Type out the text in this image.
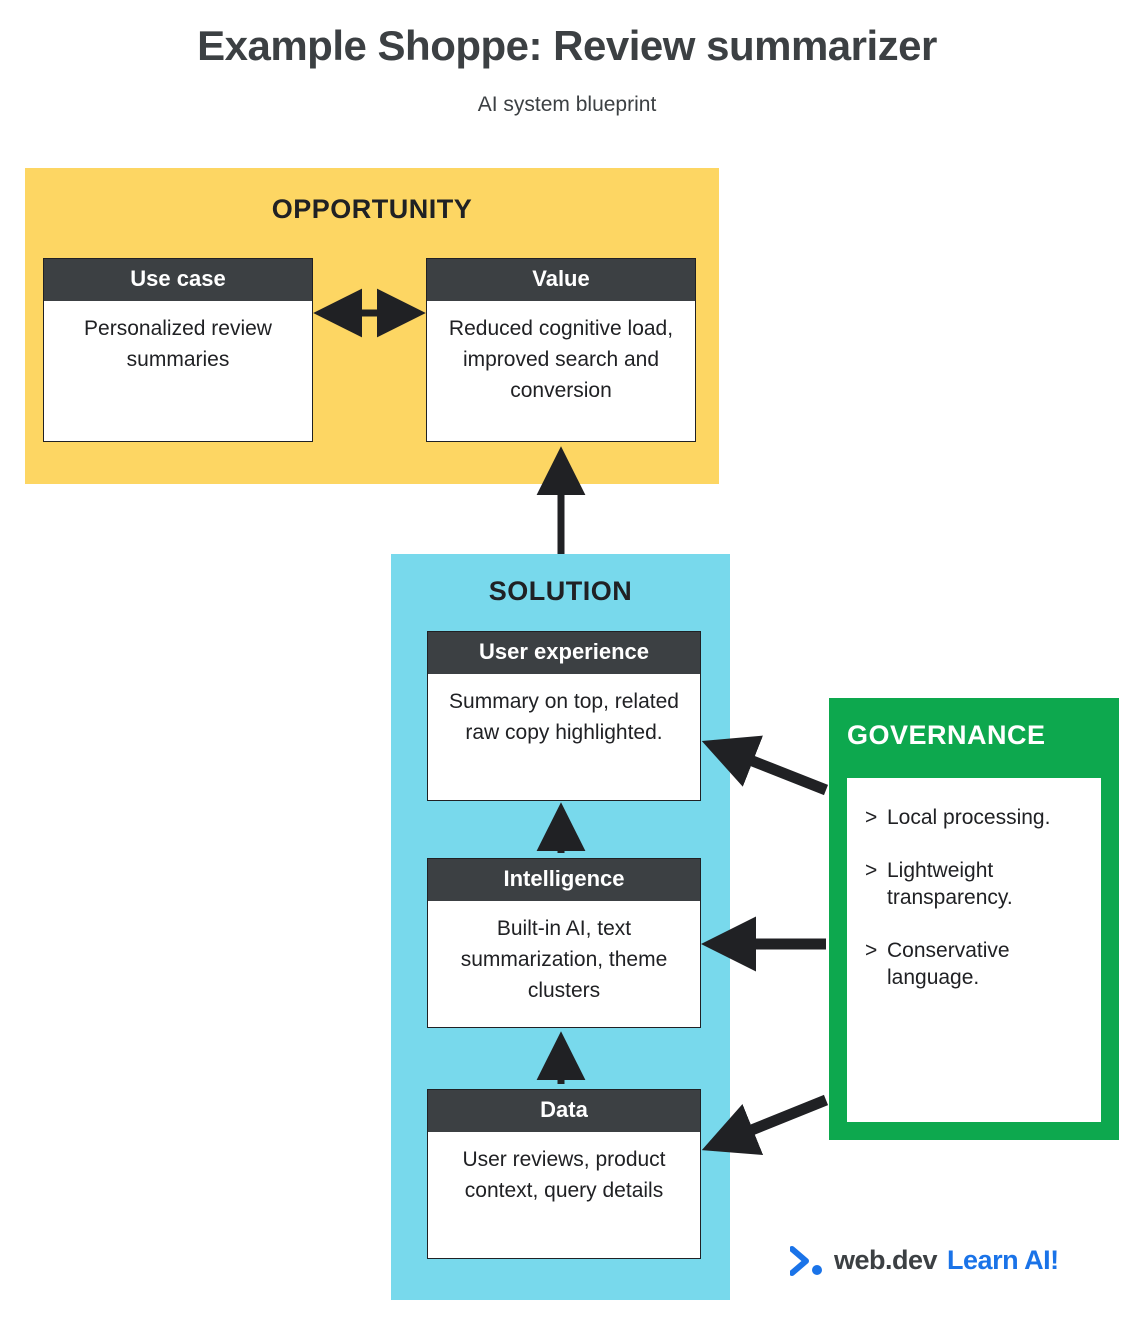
Example Shoppe: Review summarizer
AI system blueprint
OPPORTUNITY
Use case
Personalized review summaries
Value
Reduced cognitive load, improved search and conversion
SOLUTION
User experience
Summary on top, related raw copy highlighted.
Intelligence
Built-in AI, text summarization, theme clusters
Data
User reviews, product context, query details
GOVERNANCE
> Local processing.
> Lightweight transparency.
> Conservative language.
web.dev Learn AI!
